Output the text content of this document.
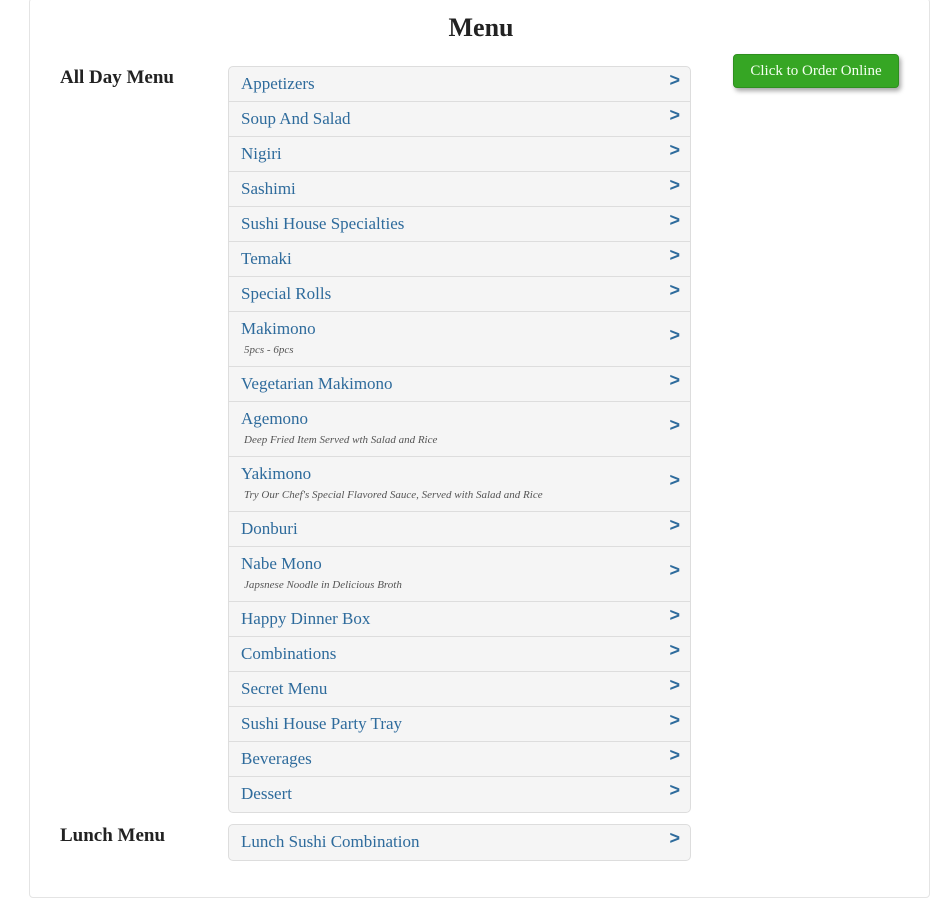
Menu
Click to Order Online
All Day Menu	Appetizers	>
Soup And Salad	>
Nigiri	>
Sashimi	>
Sushi House Specialties	>
Temaki	>
Special Rolls	>
Makimono
5pcs - 6pcs
>
Vegetarian Makimono	>
Agemono
Deep Fried Item Served wth Salad and Rice
>
Yakimono
Try Our Chef's Special Flavored Sauce, Served with Salad and Rice
>
Donburi	>
Nabe Mono
Japsnese Noodle in Delicious Broth
>
Happy Dinner Box	>
Combinations	>
Secret Menu	>
Sushi House Party Tray	>
Beverages	>
Dessert	>
Lunch Menu	Lunch Sushi Combination	>
